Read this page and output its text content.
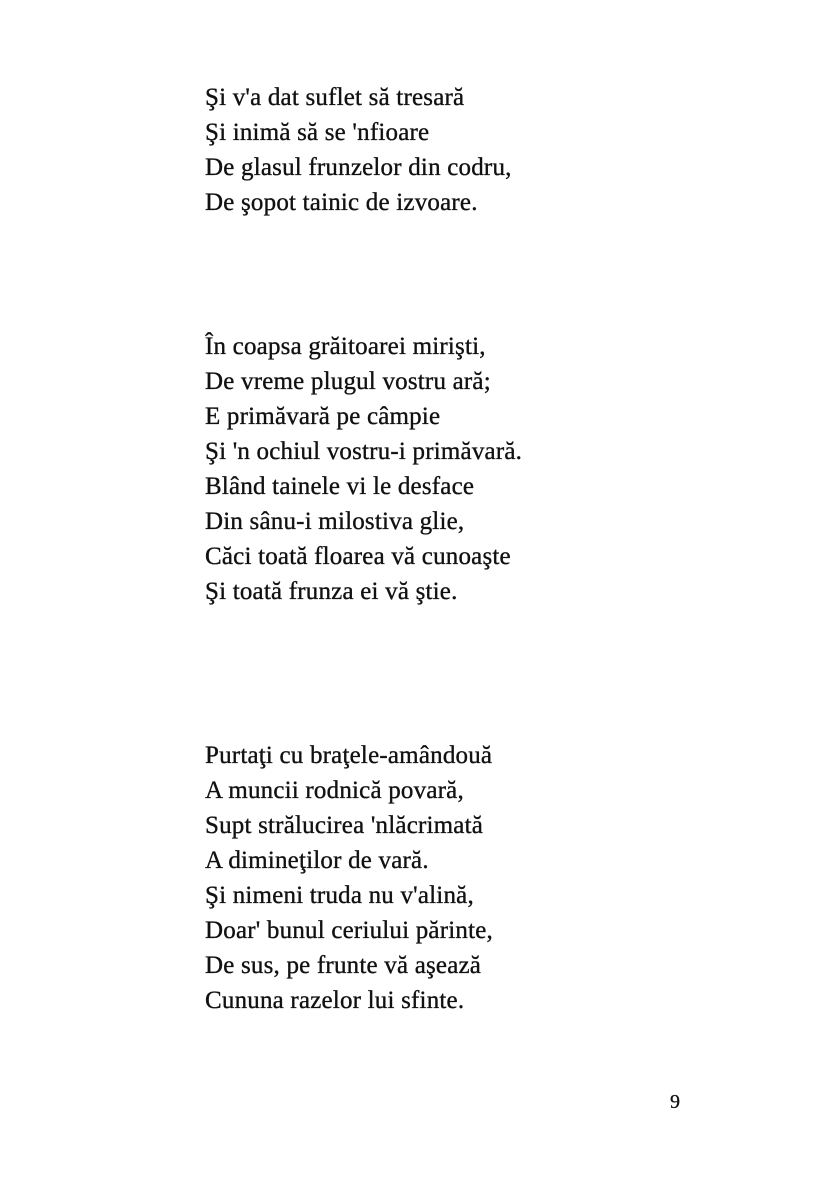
Şi v'a dat suflet să tresară
Şi inimă să se 'nfioare
De glasul frunzelor din codru,
De şopot tainic de izvoare.
În coapsa grăitoarei mirişti,
De vreme plugul vostru ară;
E primăvară pe câmpie
Şi 'n ochiul vostru-i primăvară.
Blând tainele vi le desface
Din sânu-i milostiva glie,
Căci toată floarea vă cunoaşte
Şi toată frunza ei vă ştie.
Purtaţi cu braţele-amândouă
A muncii rodnică povară,
Supt strălucirea 'nlăcrimată
A dimineţilor de vară.
Şi nimeni truda nu v'alină,
Doar' bunul ceriului părinte,
De sus, pe frunte vă aşează
Cununa razelor lui sfinte.
9
